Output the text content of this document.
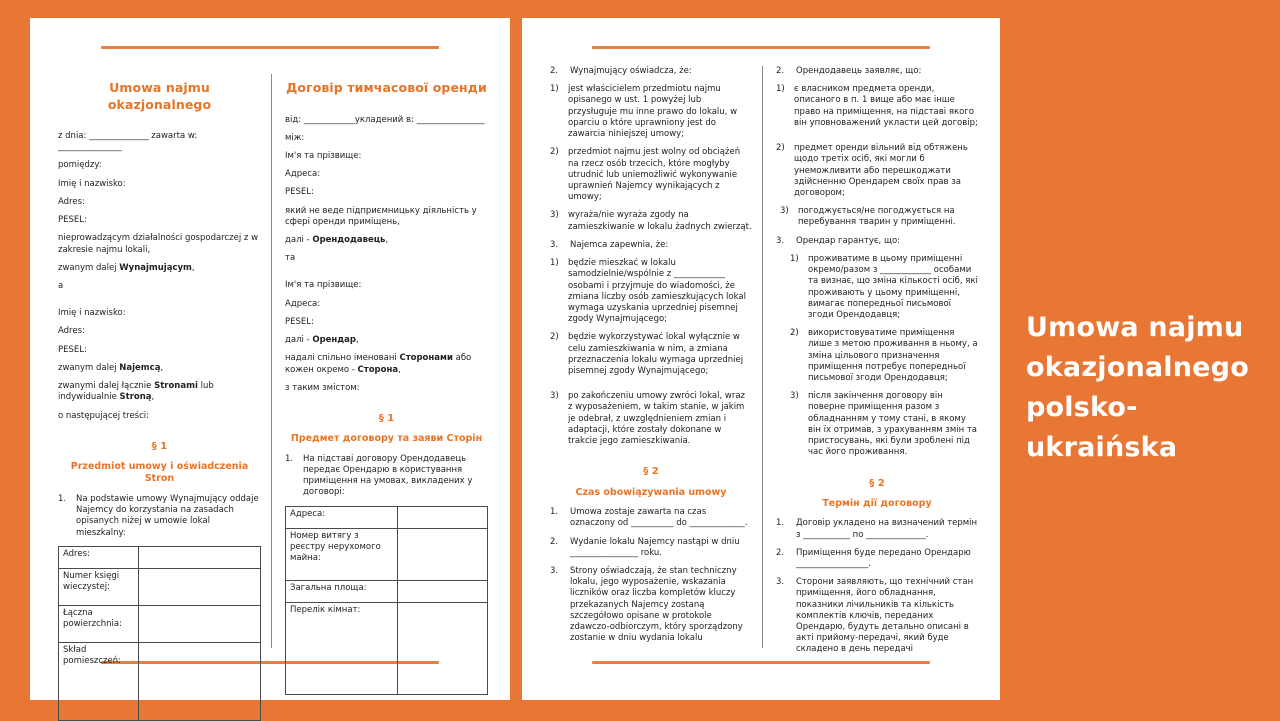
Umowa najmu okazjonalnego

z dnia: ______________ zawarta w: _______________

pomiędzy:

Imię i nazwisko:

Adres:

PESEL:

nieprowadzącym działalności gospodarczej z w zakresie najmu lokali,

zwanym dalej Wynajmującym,

a

Imię i nazwisko:

Adres:

PESEL:

zwanym dalej Najemcą,

zwanymi dalej łącznie Stronami lub indywidualnie Stroną,

o następującej treści:

§ 1
Przedmiot umowy i oświadczenia Stron
1.	Na podstawie umowy Wynajmujący oddaje Najemcy do korzystania na zasadach opisanych niżej w umowie lokal mieszkalny:
Adres:	
Numer księgi wieczystej:	
Łączna powierzchnia:	
Skład pomieszczeń:	
Договір тимчасової оренди

від: ____________укладений в: ________________

між:

Ім'я та прізвище:

Адреса:

PESEL:

який не веде підприємницьку діяльність у сфері оренди приміщень,

далі - Орендодавець,

та

Ім'я та прізвище:

Адреса:

PESEL:

далі - Орендар,

надалі спільно іменовані Сторонами або кожен окремо - Сторона,

з таким змістом:

§ 1
Предмет договору та заяви Сторін
1.	На підставі договору Орендодавець передає Орендарю в користування приміщення на умовах, викладених у договорі:
Адреса:	
Номер витягу з реєстру нерухомого майна:	
Загальна площа:	
Перелік кімнат:	
2.	Wynajmujący oświadcza, że:
1)	jest właścicielem przedmiotu najmu opisanego w ust. 1 powyżej lub przysługuje mu inne prawo do lokalu, w oparciu o które uprawniony jest do zawarcia niniejszej umowy;
2)	przedmiot najmu jest wolny od obciążeń na rzecz osób trzecich, które mogłyby utrudnić lub uniemożliwić wykonywanie uprawnień Najemcy wynikających z umowy;
3)	wyraża/nie wyraża zgody na zamieszkiwanie w lokalu żadnych zwierząt.
3.	Najemca zapewnia, że:
1)	będzie mieszkać w lokalu samodzielnie/wspólnie z ____________ osobami i przyjmuje do wiadomości, że zmiana liczby osób zamieszkujących lokal wymaga uzyskania uprzedniej pisemnej zgody Wynajmującego;
2)	będzie wykorzystywać lokal wyłącznie w celu zamieszkiwania w nim, a zmiana przeznaczenia lokalu wymaga uprzedniej pisemnej zgody Wynajmującego;
3)	po zakończeniu umowy zwróci lokal, wraz z wyposażeniem, w takim stanie, w jakim je odebrał, z uwzględnieniem zmian i adaptacji, które zostały dokonane w trakcie jego zamieszkiwania.
§ 2
Czas obowiązywania umowy
1.	Umowa zostaje zawarta na czas oznaczony od __________ do _____________.
2.	Wydanie lokalu Najemcy nastąpi w dniu ________________ roku.
3.	Strony oświadczają, że stan techniczny lokalu, jego wyposażenie, wskazania liczników oraz liczba kompletów kluczy przekazanych Najemcy zostaną szczegółowo opisane w protokole zdawczo-odbiorczym, który sporządzony zostanie w dniu wydania lokalu
2.	Орендодавець заявляє, що:
1)	є власником предмета оренди, описаного в п. 1 вище або має інше право на приміщення, на підставі якого він уповноважений укласти цей договір;
2)	предмет оренди вільний від обтяжень щодо третіх осіб, які могли б унеможливити або перешкоджати здійсненню Орендарем своїх прав за договором;
3)	погоджується/не погоджується на перебування тварин у приміщенні.
3.	Орендар гарантує, що:
1)	проживатиме в цьому приміщенні окремо/разом з ____________ особами та визнає, що зміна кількості осіб, які проживають у цьому приміщенні, вимагає попередньої письмової згоди Орендодавця;
2)	використовуватиме приміщення лише з метою проживання в ньому, а зміна цільового призначення приміщення потребує попередньої письмової згоди Орендодавця;
3)	після закінчення договору він поверне приміщення разом з обладнанням у тому стані, в якому він їх отримав, з урахуванням змін та пристосувань, які були зроблені під час його проживання.
§ 2
Термін дії договору
1.	Договір укладено на визначений термін з ___________ по ______________.
2.	Приміщення буде передано Орендарю _________________.
3.	Сторони заявляють, що технічний стан приміщення, його обладнання, показники лічильників та кількість комплектів ключів, переданих Орендарю, будуть детально описані в акті прийому-передачі, який буде складено в день передачі
Umowa najmu
okazjonalnego
polsko-ukraińska
